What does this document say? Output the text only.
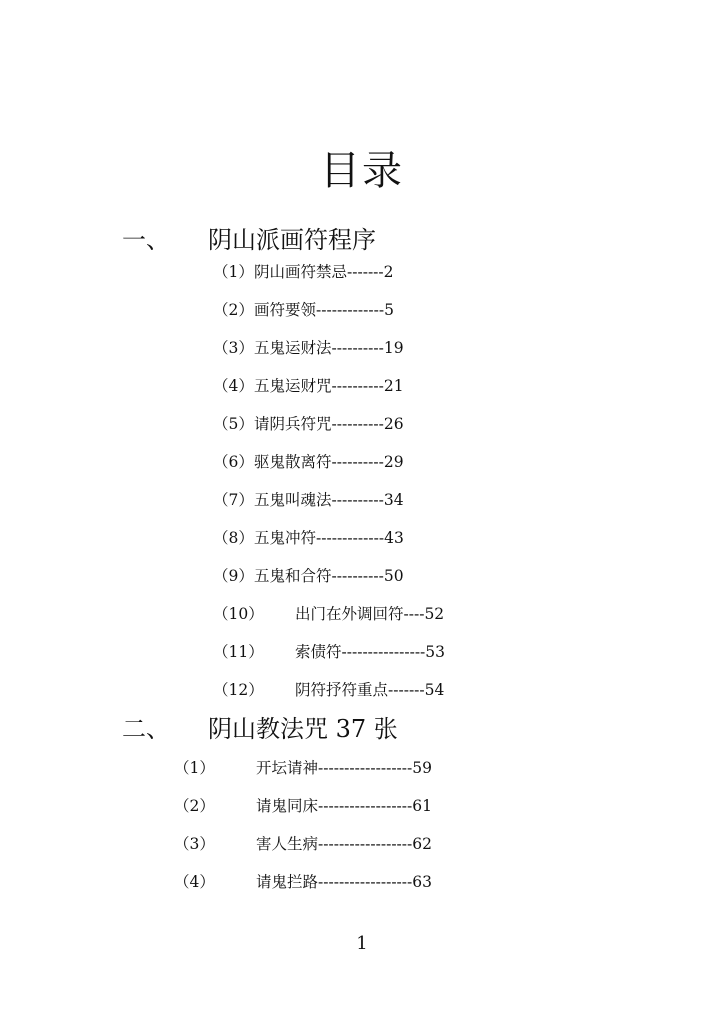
目录
一、 阴山派画符程序
（1）阴山画符禁忌-------2
（2）画符要领-------------5
（3）五鬼运财法----------19
（4）五鬼运财咒----------21
（5）请阴兵符咒----------26
（6）驱鬼散离符----------29
（7）五鬼叫魂法----------34
（8）五鬼冲符-------------43
（9）五鬼和合符----------50
（10） 出门在外调回符----52
（11） 索债符----------------53
（12） 阴符抒符重点-------54
二、 阴山教法咒 37 张
（1）	开坛请神------------------59
（2）	请鬼同床------------------61
（3）	害人生病------------------62
（4）	请鬼拦路------------------63
1
